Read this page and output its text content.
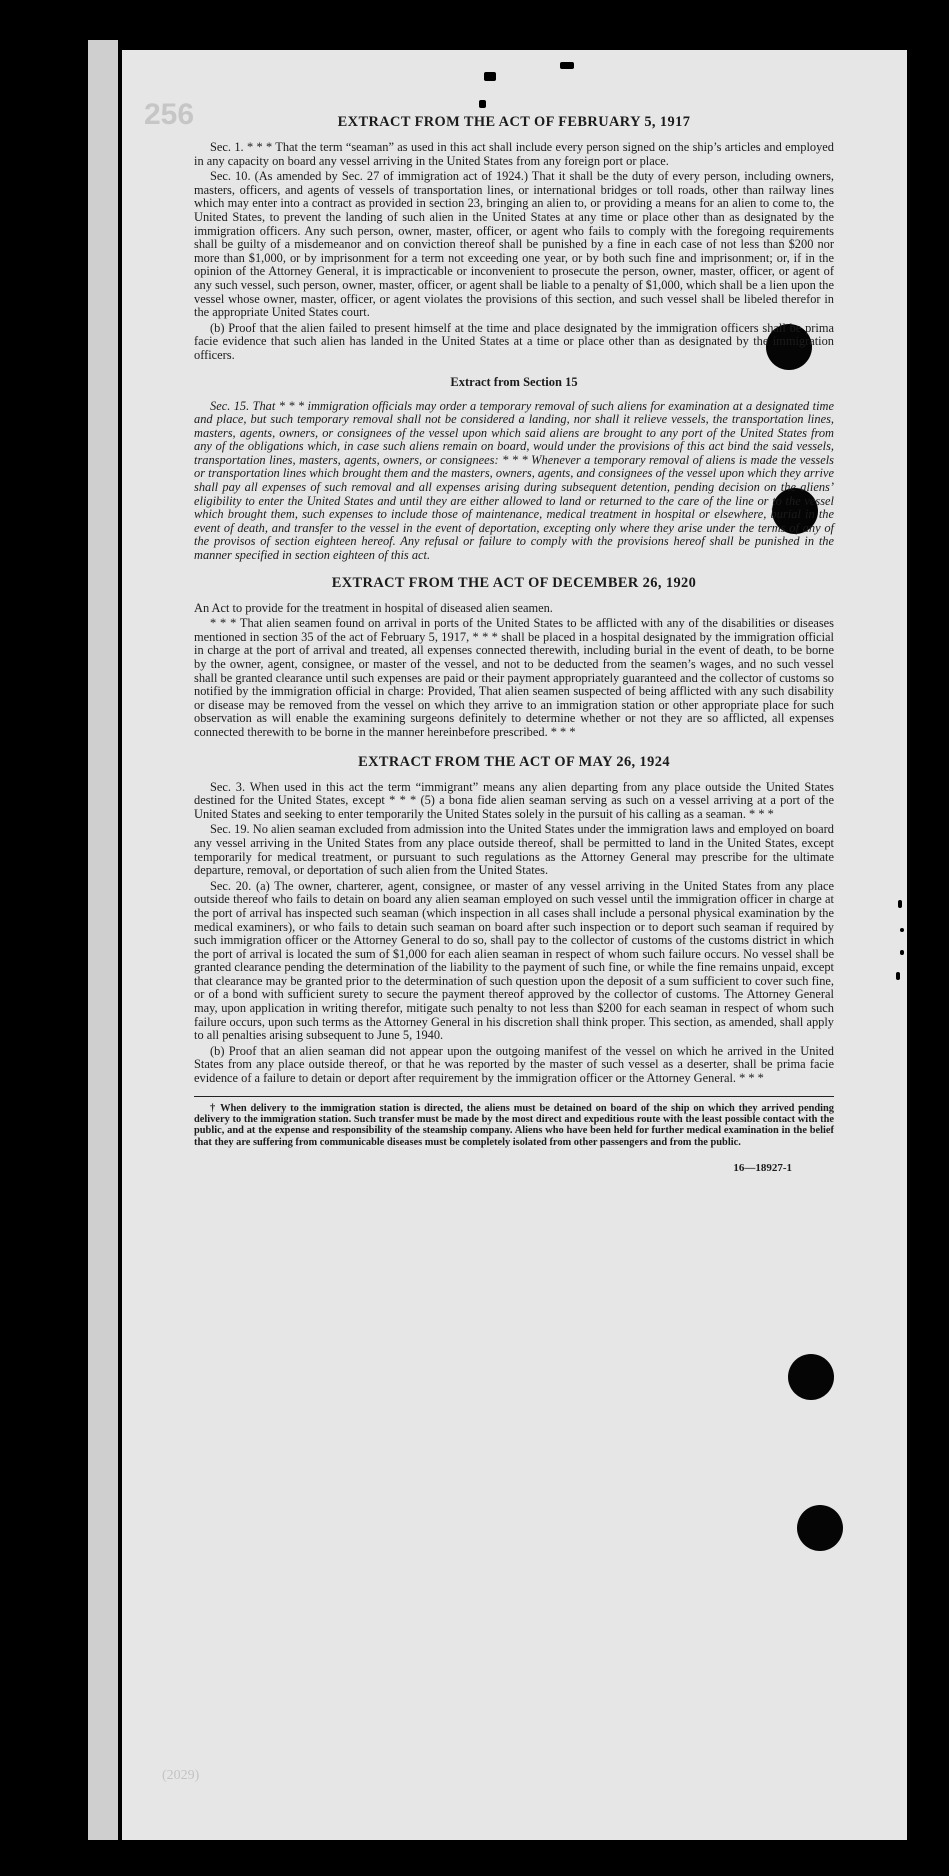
256
(2029)
EXTRACT FROM THE ACT OF FEBRUARY 5, 1917

Sec. 1. * * * That the term “seaman” as used in this act shall include every person signed on the ship’s articles and employed in any capacity on board any vessel arriving in the United States from any foreign port or place.

Sec. 10. (As amended by Sec. 27 of immigration act of 1924.) That it shall be the duty of every person, including owners, masters, officers, and agents of vessels of transportation lines, or international bridges or toll roads, other than railway lines which may enter into a contract as provided in section 23, bringing an alien to, or providing a means for an alien to come to, the United States, to prevent the landing of such alien in the United States at any time or place other than as designated by the immigration officers. Any such person, owner, master, officer, or agent who fails to comply with the foregoing requirements shall be guilty of a misdemeanor and on conviction thereof shall be punished by a fine in each case of not less than $200 nor more than $1,000, or by imprisonment for a term not exceeding one year, or by both such fine and imprisonment; or, if in the opinion of the Attorney General, it is impracticable or inconvenient to prosecute the person, owner, master, officer, or agent of any such vessel, such person, owner, master, officer, or agent shall be liable to a penalty of $1,000, which shall be a lien upon the vessel whose owner, master, officer, or agent violates the provisions of this section, and such vessel shall be libeled therefor in the appropriate United States court.

(b) Proof that the alien failed to present himself at the time and place designated by the immigration officers shall be prima facie evidence that such alien has landed in the United States at a time or place other than as designated by the immigration officers.

Extract from Section 15

Sec. 15. That * * * immigration officials may order a temporary removal of such aliens for examination at a designated time and place, but such temporary removal shall not be considered a landing, nor shall it relieve vessels, the transportation lines, masters, agents, owners, or consignees of the vessel upon which said aliens are brought to any port of the United States from any of the obligations which, in case such aliens remain on board, would under the provisions of this act bind the said vessels, transportation lines, masters, agents, owners, or consignees: * * * Whenever a temporary removal of aliens is made the vessels or transportation lines which brought them and the masters, owners, agents, and consignees of the vessel upon which they arrive shall pay all expenses of such removal and all expenses arising during subsequent detention, pending decision on the aliens’ eligibility to enter the United States and until they are either allowed to land or returned to the care of the line or to the vessel which brought them, such expenses to include those of maintenance, medical treatment in hospital or elsewhere, burial in the event of death, and transfer to the vessel in the event of deportation, excepting only where they arise under the terms of any of the provisos of section eighteen hereof. Any refusal or failure to comply with the provisions hereof shall be punished in the manner specified in section eighteen of this act.

EXTRACT FROM THE ACT OF DECEMBER 26, 1920

An Act to provide for the treatment in hospital of diseased alien seamen.

* * * That alien seamen found on arrival in ports of the United States to be afflicted with any of the disabilities or diseases mentioned in section 35 of the act of February 5, 1917, * * * shall be placed in a hospital designated by the immigration official in charge at the port of arrival and treated, all expenses connected therewith, including burial in the event of death, to be borne by the owner, agent, consignee, or master of the vessel, and not to be deducted from the seamen’s wages, and no such vessel shall be granted clearance until such expenses are paid or their payment appropriately guaranteed and the collector of customs so notified by the immigration official in charge: Provided, That alien seamen suspected of being afflicted with any such disability or disease may be removed from the vessel on which they arrive to an immigration station or other appropriate place for such observation as will enable the examining surgeons definitely to determine whether or not they are so afflicted, all expenses connected therewith to be borne in the manner hereinbefore prescribed. * * *

EXTRACT FROM THE ACT OF MAY 26, 1924

Sec. 3. When used in this act the term “immigrant” means any alien departing from any place outside the United States destined for the United States, except * * * (5) a bona fide alien seaman serving as such on a vessel arriving at a port of the United States and seeking to enter temporarily the United States solely in the pursuit of his calling as a seaman. * * *

Sec. 19. No alien seaman excluded from admission into the United States under the immigration laws and employed on board any vessel arriving in the United States from any place outside thereof, shall be permitted to land in the United States, except temporarily for medical treatment, or pursuant to such regulations as the Attorney General may prescribe for the ultimate departure, removal, or deportation of such alien from the United States.

Sec. 20. (a) The owner, charterer, agent, consignee, or master of any vessel arriving in the United States from any place outside thereof who fails to detain on board any alien seaman employed on such vessel until the immigration officer in charge at the port of arrival has inspected such seaman (which inspection in all cases shall include a personal physical examination by the medical examiners), or who fails to detain such seaman on board after such inspection or to deport such seaman if required by such immigration officer or the Attorney General to do so, shall pay to the collector of customs of the customs district in which the port of arrival is located the sum of $1,000 for each alien seaman in respect of whom such failure occurs. No vessel shall be granted clearance pending the determination of the liability to the payment of such fine, or while the fine remains unpaid, except that clearance may be granted prior to the determination of such question upon the deposit of a sum sufficient to cover such fine, or of a bond with sufficient surety to secure the payment thereof approved by the collector of customs. The Attorney General may, upon application in writing therefor, mitigate such penalty to not less than $200 for each seaman in respect of whom such failure occurs, upon such terms as the Attorney General in his discretion shall think proper. This section, as amended, shall apply to all penalties arising subsequent to June 5, 1940.

(b) Proof that an alien seaman did not appear upon the outgoing manifest of the vessel on which he arrived in the United States from any place outside thereof, or that he was reported by the master of such vessel as a deserter, shall be prima facie evidence of a failure to detain or deport after requirement by the immigration officer or the Attorney General. * * *

† When delivery to the immigration station is directed, the aliens must be detained on board of the ship on which they arrived pending delivery to the immigration station. Such transfer must be made by the most direct and expeditious route with the least possible contact with the public, and at the expense and responsibility of the steamship company. Aliens who have been held for further medical examination in the belief that they are suffering from communicable diseases must be completely isolated from other passengers and from the public.

16—18927-1
